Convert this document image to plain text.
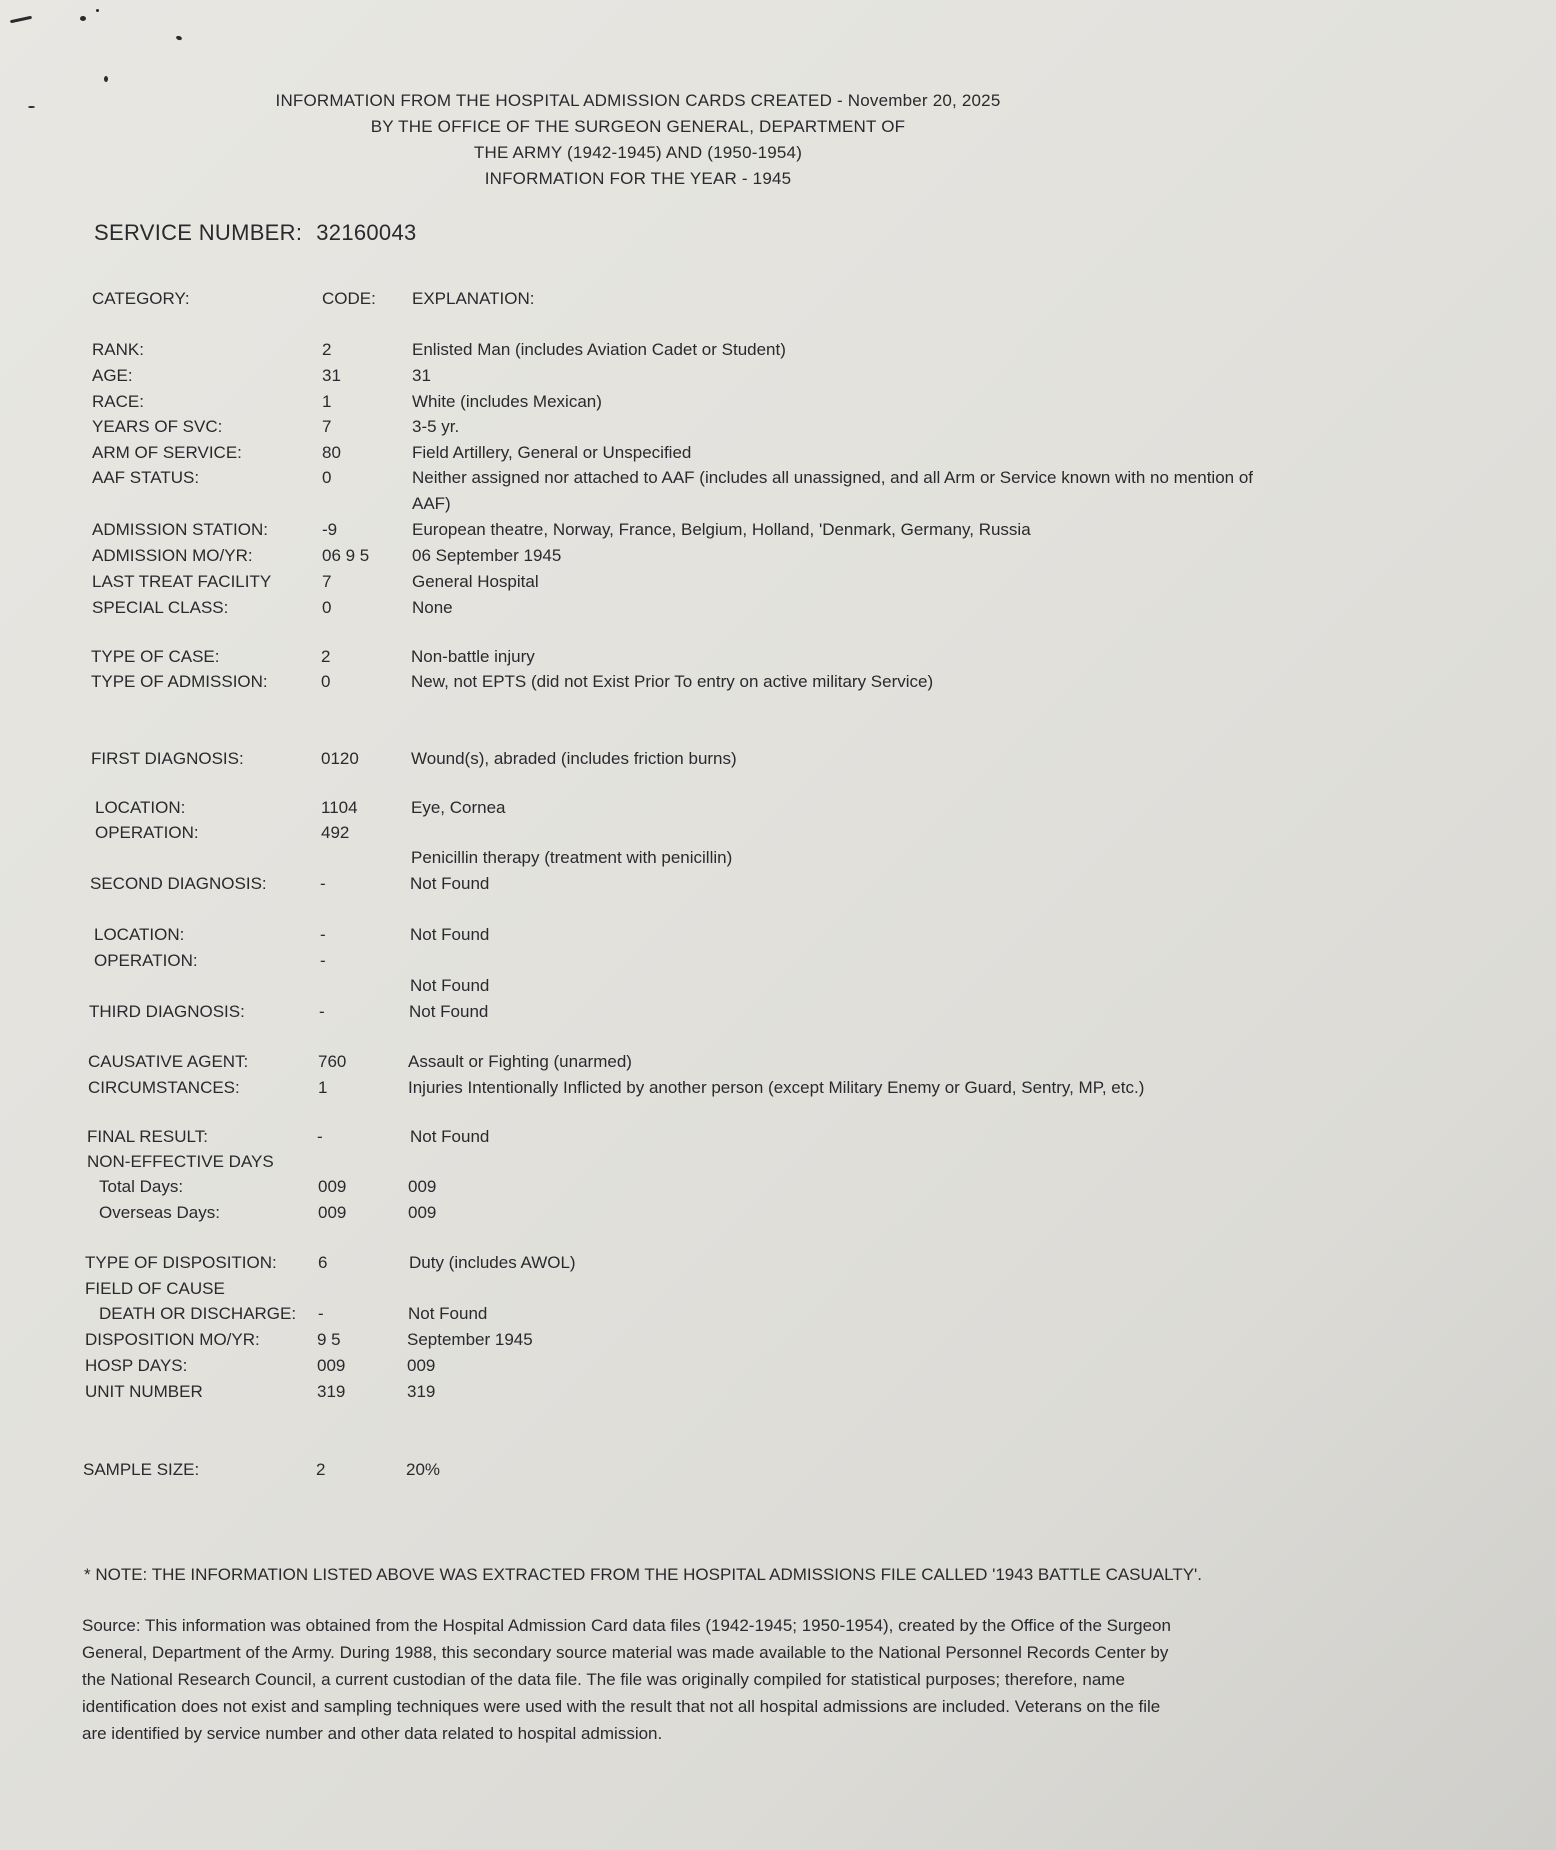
INFORMATION FROM THE HOSPITAL ADMISSION CARDS CREATED - November 20, 2025
BY THE OFFICE OF THE SURGEON GENERAL, DEPARTMENT OF
THE ARMY (1942-1945) AND (1950-1954)
INFORMATION FOR THE YEAR - 1945
SERVICE NUMBER: 32160043
CATEGORY:	CODE: EXPLANATION:
RANK:	2	Enlisted Man (includes Aviation Cadet or Student)
AGE:	31	31
RACE:	1	White (includes Mexican)
YEARS OF SVC:	7	3-5 yr.
ARM OF SERVICE:	80	Field Artillery, General or Unspecified
AAF STATUS:	0	Neither assigned nor attached to AAF (includes all unassigned, and all Arm or Service known with no mention of AAF)
ADMISSION STATION:	-9	European theatre, Norway, France, Belgium, Holland, 'Denmark, Germany, Russia
ADMISSION MO/YR:	06 9 5	06 September 1945
LAST TREAT FACILITY	7	General Hospital
SPECIAL CLASS:	0	None
TYPE OF CASE:	2	Non-battle injury
TYPE OF ADMISSION:	0	New, not EPTS (did not Exist Prior To entry on active military Service)
FIRST DIAGNOSIS:	0120	Wound(s), abraded (includes friction burns)
LOCATION:	1104	Eye, Cornea
OPERATION:	492
Penicillin therapy (treatment with penicillin)
SECOND DIAGNOSIS:	-	Not Found
LOCATION:	-	Not Found
OPERATION:	-
Not Found
THIRD DIAGNOSIS:	-	Not Found
CAUSATIVE AGENT:	760	Assault or Fighting (unarmed)
CIRCUMSTANCES:	1	Injuries Intentionally Inflicted by another person (except Military Enemy or Guard, Sentry, MP, etc.)
FINAL RESULT:	-	Not Found
NON-EFFECTIVE DAYS
Total Days:	009	009
Overseas Days:	009	009
TYPE OF DISPOSITION: 6	Duty (includes AWOL)
FIELD OF CAUSE
DEATH OR DISCHARGE: -	Not Found
DISPOSITION MO/YR:	9 5	September 1945
HOSP DAYS:	009	009
UNIT NUMBER	319	319
SAMPLE SIZE:	2	20%
* NOTE: THE INFORMATION LISTED ABOVE WAS EXTRACTED FROM THE HOSPITAL ADMISSIONS FILE CALLED '1943 BATTLE CASUALTY'.
Source: This information was obtained from the Hospital Admission Card data files (1942-1945; 1950-1954), created by the Office of the Surgeon General, Department of the Army. During 1988, this secondary source material was made available to the National Personnel Records Center by the National Research Council, a current custodian of the data file. The file was originally compiled for statistical purposes; therefore, name identification does not exist and sampling techniques were used with the result that not all hospital admissions are included. Veterans on the file are identified by service number and other data related to hospital admission.
